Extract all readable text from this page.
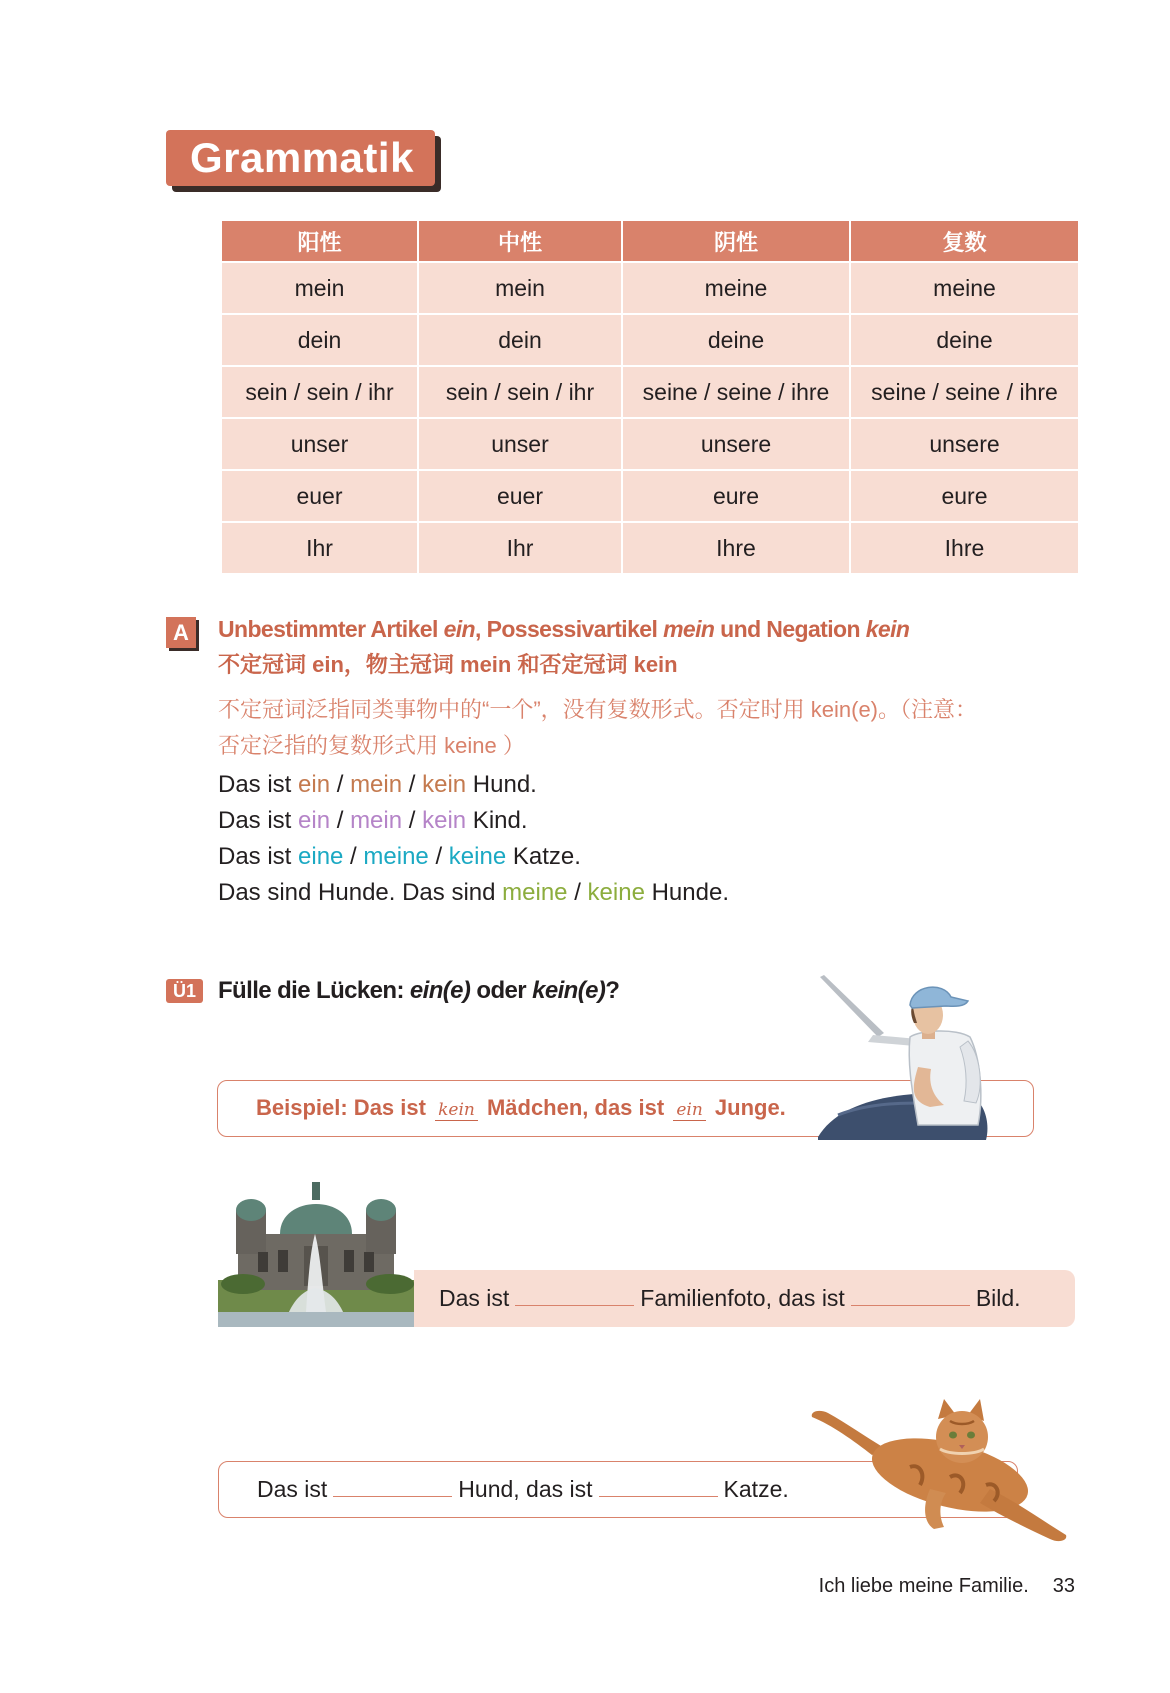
Grammatik
阳性	中性	阴性	复数
mein	mein	meine	meine
dein	dein	deine	deine
sein / sein / ihr	sein / sein / ihr	seine / seine / ihre	seine / seine / ihre
unser	unser	unsere	unsere
euer	euer	eure	eure
Ihr	Ihr	Ihre	Ihre
A	Unbestimmter Artikel ein, Possessivartikel mein und Negation kein
不定冠词 ein，物主冠词 mein 和否定冠词 kein
不定冠词泛指同类事物中的“一个”，没有复数形式。否定时用 kein(e)。（注意：
否定泛指的复数形式用 keine ）
Das ist ein / mein / kein Hund.
Das ist ein / mein / kein Kind.
Das ist eine / meine / keine Katze.
Das sind Hunde. Das sind meine / keine Hunde.
Ü1 Fülle die Lücken: ein(e) oder kein(e)?
Beispiel: Das ist kein Mädchen, das ist ein Junge.
Das ist	Familienfoto, das ist	Bild.
Das ist	Hund, das ist	Katze.
Ich liebe meine Familie. 33
